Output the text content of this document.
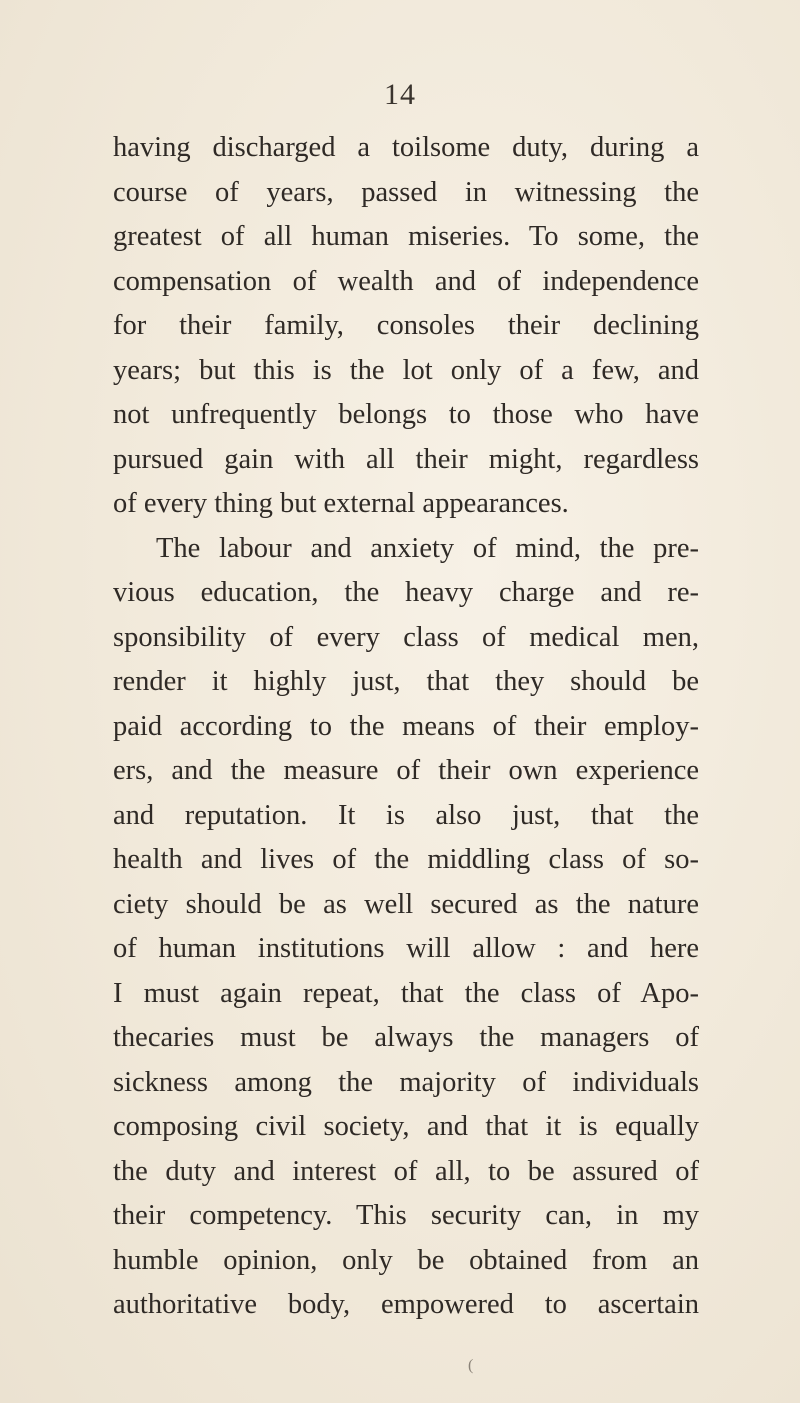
14
having discharged a toilsome duty, during a
course of years, passed in witnessing the
greatest of all human miseries. To some, the
compensation of wealth and of independence
for their family, consoles their declining
years; but this is the lot only of a few, and
not unfrequently belongs to those who have
pursued gain with all their might, regardless
of every thing but external appearances.
The labour and anxiety of mind, the pre-
vious education, the heavy charge and re-
sponsibility of every class of medical men,
render it highly just, that they should be
paid according to the means of their employ-
ers, and the measure of their own experience
and reputation. It is also just, that the
health and lives of the middling class of so-
ciety should be as well secured as the nature
of human institutions will allow : and here
I must again repeat, that the class of Apo-
thecaries must be always the managers of
sickness among the majority of individuals
composing civil society, and that it is equally
the duty and interest of all, to be assured of
their competency. This security can, in my
humble opinion, only be obtained from an
authoritative body, empowered to ascertain
(
